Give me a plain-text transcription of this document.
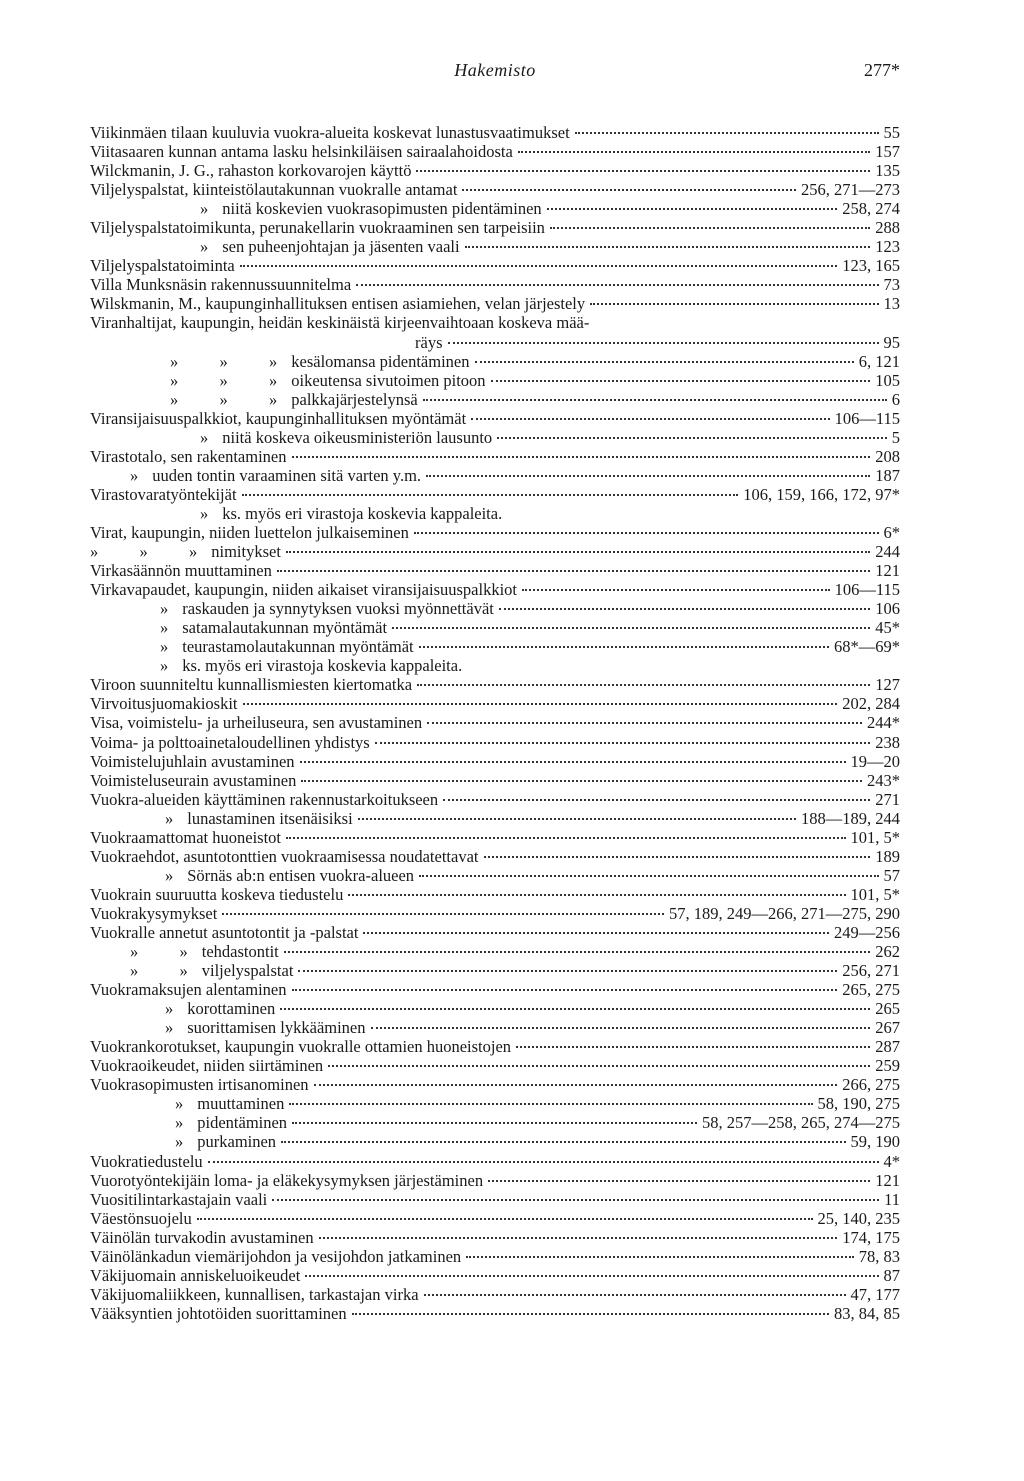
Hakemisto	277*
Viikinmäen tilaan kuuluvia vuokra-alueita koskevat lunastusvaatimukset	55
Viitasaaren kunnan antama lasku helsinkiläisen sairaalahoidosta	157
Wilckmanin, J. G., rahaston korkovarojen käyttö	135
Viljelyspalstat, kiinteistölautakunnan vuokralle antamat	256, 271—273
» niitä koskevien vuokrasopimusten pidentäminen	258, 274
Viljelyspalstatoimikunta, perunakellarin vuokraaminen sen tarpeisiin	288
» sen puheenjohtajan ja jäsenten vaali	123
Viljelyspalstatoiminta	123, 165
Villa Munksnäsin rakennussuunnitelma	73
Wilskmanin, M., kaupunginhallituksen entisen asiamiehen, velan järjestely	13
Viranhaltijat, kaupungin, heidän keskinäistä kirjeenvaihtoaan koskeva mää-
räys	95
»          »          » kesälomansa pidentäminen	6, 121
»          »          » oikeutensa sivutoimen pitoon	105
»          »          » palkkajärjestelynsä	6
Viransijaisuuspalkkiot, kaupunginhallituksen myöntämät	106—115
» niitä koskeva oikeusministeriön lausunto	5
Virastotalo, sen rakentaminen	208
» uuden tontin varaaminen sitä varten y.m.	187
Virastovaratyöntekijät	106, 159, 166, 172, 97*
» ks. myös eri virastoja koskevia kappaleita.
Virat, kaupungin, niiden luettelon julkaiseminen	6*
»          »          » nimitykset	244
Virkasäännön muuttaminen	121
Virkavapaudet, kaupungin, niiden aikaiset viransijaisuuspalkkiot	106—115
» raskauden ja synnytyksen vuoksi myönnettävät	106
» satamalautakunnan myöntämät	45*
» teurastamolautakunnan myöntämät	68*—69*
» ks. myös eri virastoja koskevia kappaleita.
Viroon suunniteltu kunnallismiesten kiertomatka	127
Virvoitusjuomakioskit	202, 284
Visa, voimistelu- ja urheiluseura, sen avustaminen	244*
Voima- ja polttoainetaloudellinen yhdistys	238
Voimistelujuhlain avustaminen	19—20
Voimisteluseurain avustaminen	243*
Vuokra-alueiden käyttäminen rakennustarkoitukseen	271
» lunastaminen itsenäisiksi	188—189, 244
Vuokraamattomat huoneistot	101, 5*
Vuokraehdot, asuntotonttien vuokraamisessa noudatettavat	189
» Sörnäs ab:n entisen vuokra-alueen	57
Vuokrain suuruutta koskeva tiedustelu	101, 5*
Vuokrakysymykset	57, 189, 249—266, 271—275, 290
Vuokralle annetut asuntotontit ja -palstat	249—256
»          » tehdastontit	262
»          » viljelyspalstat	256, 271
Vuokramaksujen alentaminen	265, 275
» korottaminen	265
» suorittamisen lykkääminen	267
Vuokrankorotukset, kaupungin vuokralle ottamien huoneistojen	287
Vuokraoikeudet, niiden siirtäminen	259
Vuokrasopimusten irtisanominen	266, 275
» muuttaminen	58, 190, 275
» pidentäminen	58, 257—258, 265, 274—275
» purkaminen	59, 190
Vuokratiedustelu	4*
Vuorotyöntekijäin loma- ja eläkekysymyksen järjestäminen	121
Vuositilintarkastajain vaali	11
Väestönsuojelu	25, 140, 235
Väinölän turvakodin avustaminen	174, 175
Väinölänkadun viemärijohdon ja vesijohdon jatkaminen	78, 83
Väkijuomain anniskeluoikeudet	87
Väkijuomaliikkeen, kunnallisen, tarkastajan virka	47, 177
Vääksyntien johtotöiden suorittaminen	83, 84, 85
